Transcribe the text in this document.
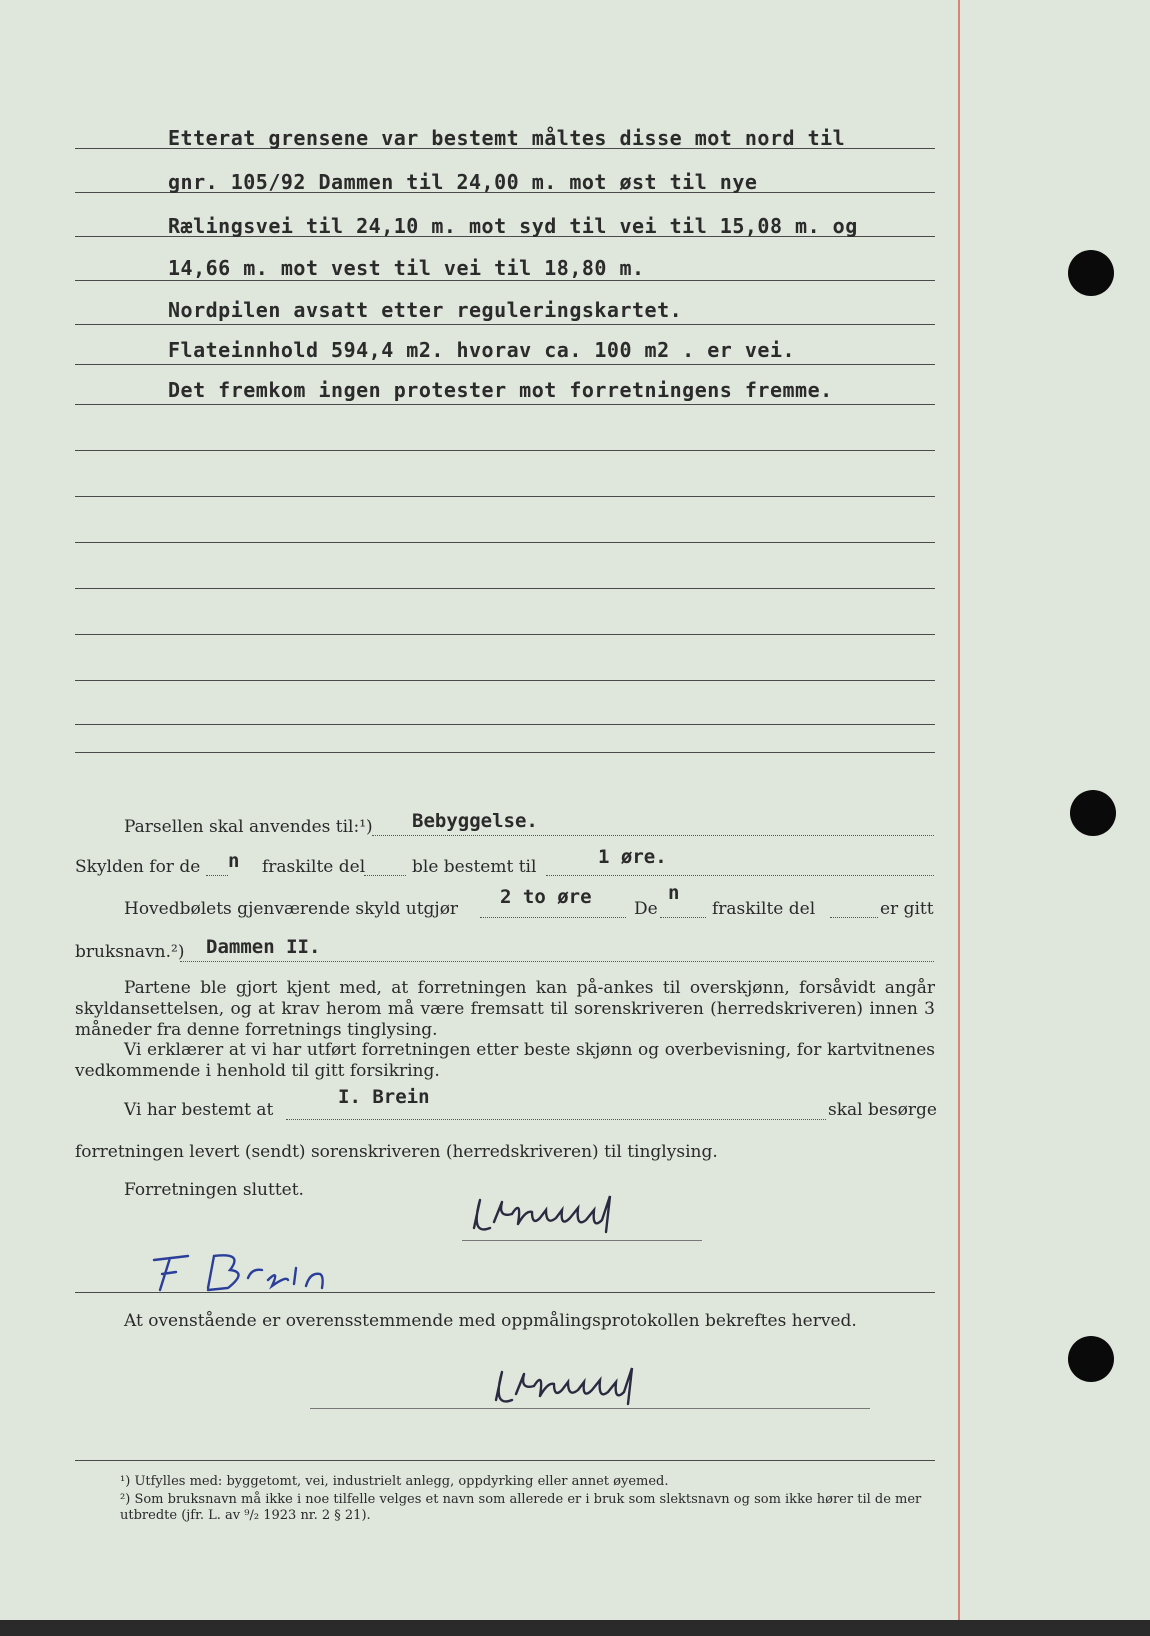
Etterat grensene var bestemt måltes disse mot nord til
gnr. 105/92 Dammen til 24,00 m. mot øst til nye
Rælingsvei til 24,10 m. mot syd til vei til 15,08 m. og
14,66 m. mot vest til vei til 18,80 m.
Nordpilen avsatt etter reguleringskartet.
Flateinnhold 594,4 m2. hvorav ca. 100 m2 . er vei.
Det fremkom ingen protester mot forretningens fremme.
Parsellen skal anvendes til:¹) Bebyggelse.
Skylden for de n fraskilte del	ble bestemt til	1 øre.
Hovedbølets gjenværende skyld utgjør
2 to øre
De
n
fraskilte del	er gitt
bruksnavn.²) Dammen II.
Partene ble gjort kjent med, at forretningen kan på-ankes til overskjønn, forsåvidt angår skyldansettelsen, og at krav herom må være fremsatt til sorenskriveren (herredskriveren) innen 3 måneder fra denne forretnings tinglysing.
Vi erklærer at vi har utført forretningen etter beste skjønn og overbevisning, for kartvitnenes vedkommende i henhold til gitt forsikring.
Vi har bestemt at
I. Brein
skal besørge
forretningen levert (sendt) sorenskriveren (herredskriveren) til tinglysing.
Forretningen sluttet.
At ovenstående er overensstemmende med oppmålingsprotokollen bekreftes herved.
¹) Utfylles med: byggetomt, vei, industrielt anlegg, oppdyrking eller annet øyemed.
²) Som bruksnavn må ikke i noe tilfelle velges et navn som allerede er i bruk som slektsnavn og som ikke hører til de mer utbredte (jfr. L. av ⁹/₂ 1923 nr. 2 § 21).
